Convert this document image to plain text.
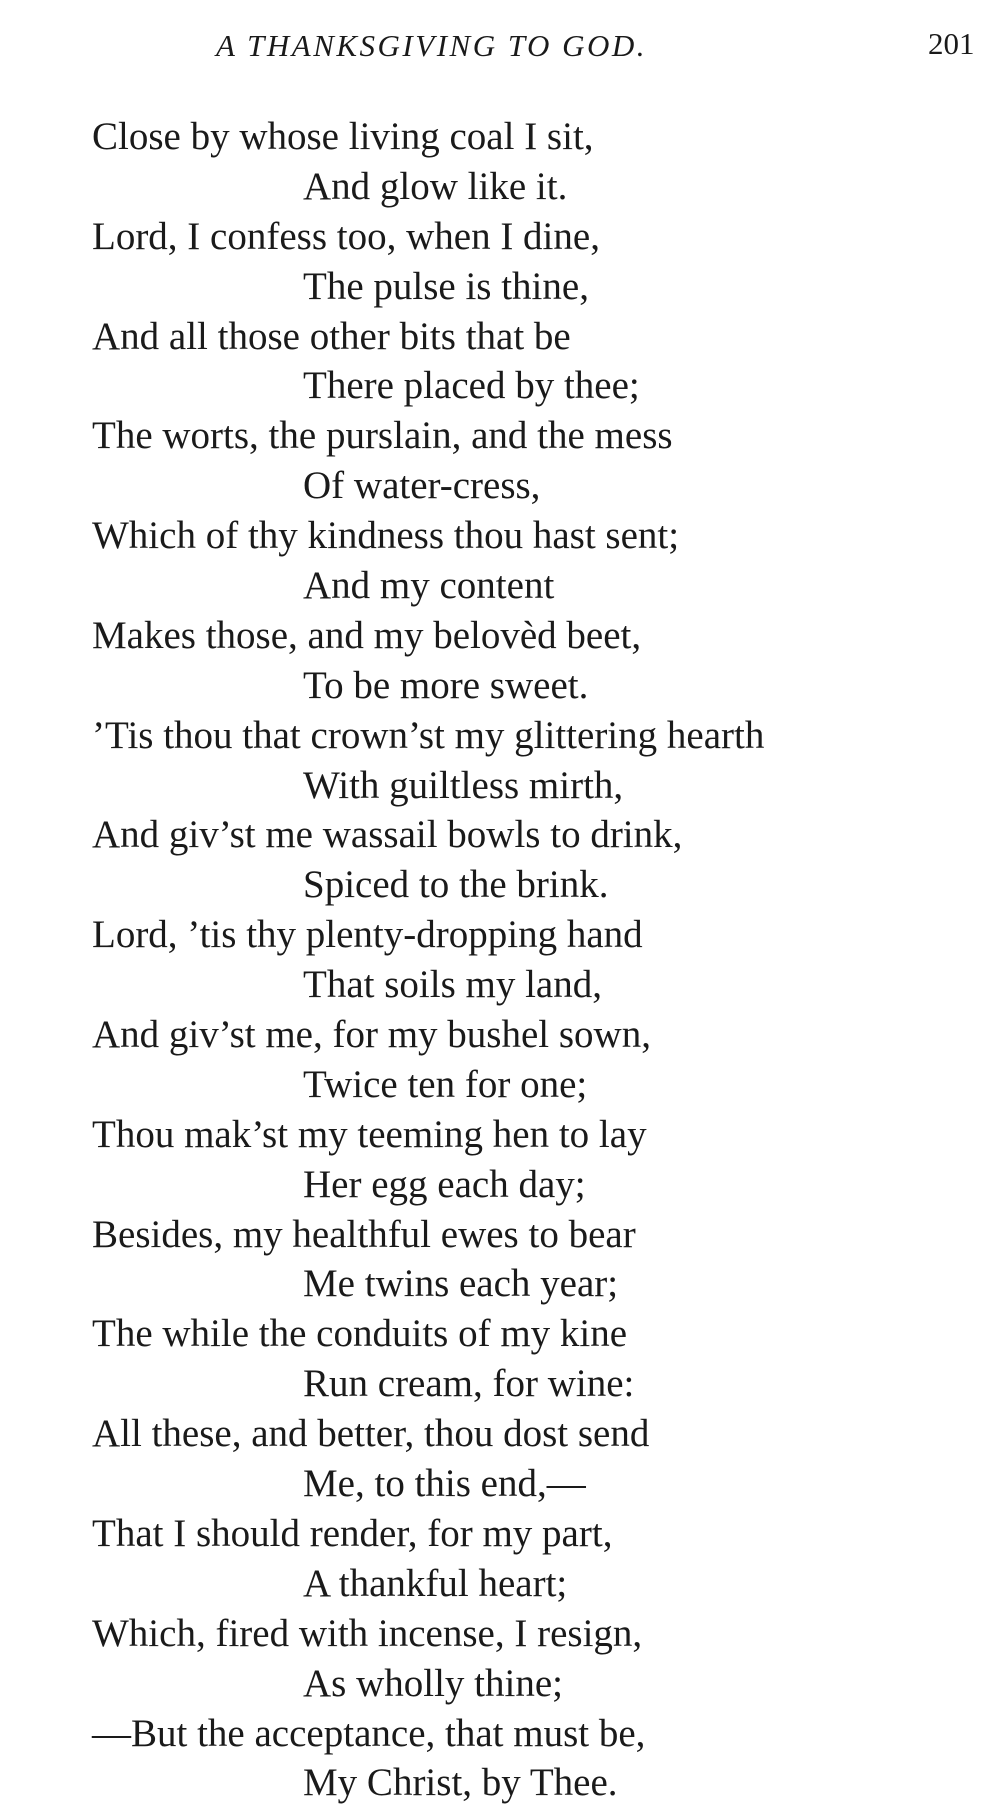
A THANKSGIVING TO GOD.	201
Close by whose living coal I sit,
And glow like it.
Lord, I confess too, when I dine,
The pulse is thine,
And all those other bits that be
There placed by thee;
The worts, the purslain, and the mess
Of water-cress,
Which of thy kindness thou hast sent;
And my content
Makes those, and my belovèd beet,
To be more sweet.
’Tis thou that crown’st my glittering hearth
With guiltless mirth,
And giv’st me wassail bowls to drink,
Spiced to the brink.
Lord, ’tis thy plenty-dropping hand
That soils my land,
And giv’st me, for my bushel sown,
Twice ten for one;
Thou mak’st my teeming hen to lay
Her egg each day;
Besides, my healthful ewes to bear
Me twins each year;
The while the conduits of my kine
Run cream, for wine:
All these, and better, thou dost send
Me, to this end,—
That I should render, for my part,
A thankful heart;
Which, fired with incense, I resign,
As wholly thine;
—But the acceptance, that must be,
My Christ, by Thee.
